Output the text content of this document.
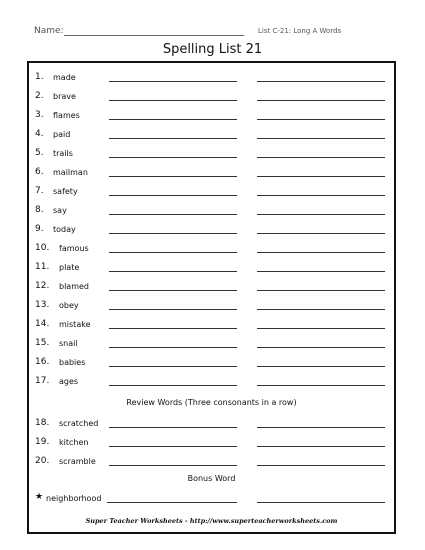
Name:	List C-21: Long A Words
Spelling List 21
1. made
2. brave
3. flames
4. paid
5. trails
6. mailman
7. safety
8. say
9. today
10. famous
11. plate
12. blamed
13. obey
14. mistake
15. snail
16. babies
17. ages
Review Words (Three consonants in a row)
18. scratched
19. kitchen
20. scramble
Bonus Word
★ neighborhood
Super Teacher Worksheets - http://www.superteacherworksheets.com
